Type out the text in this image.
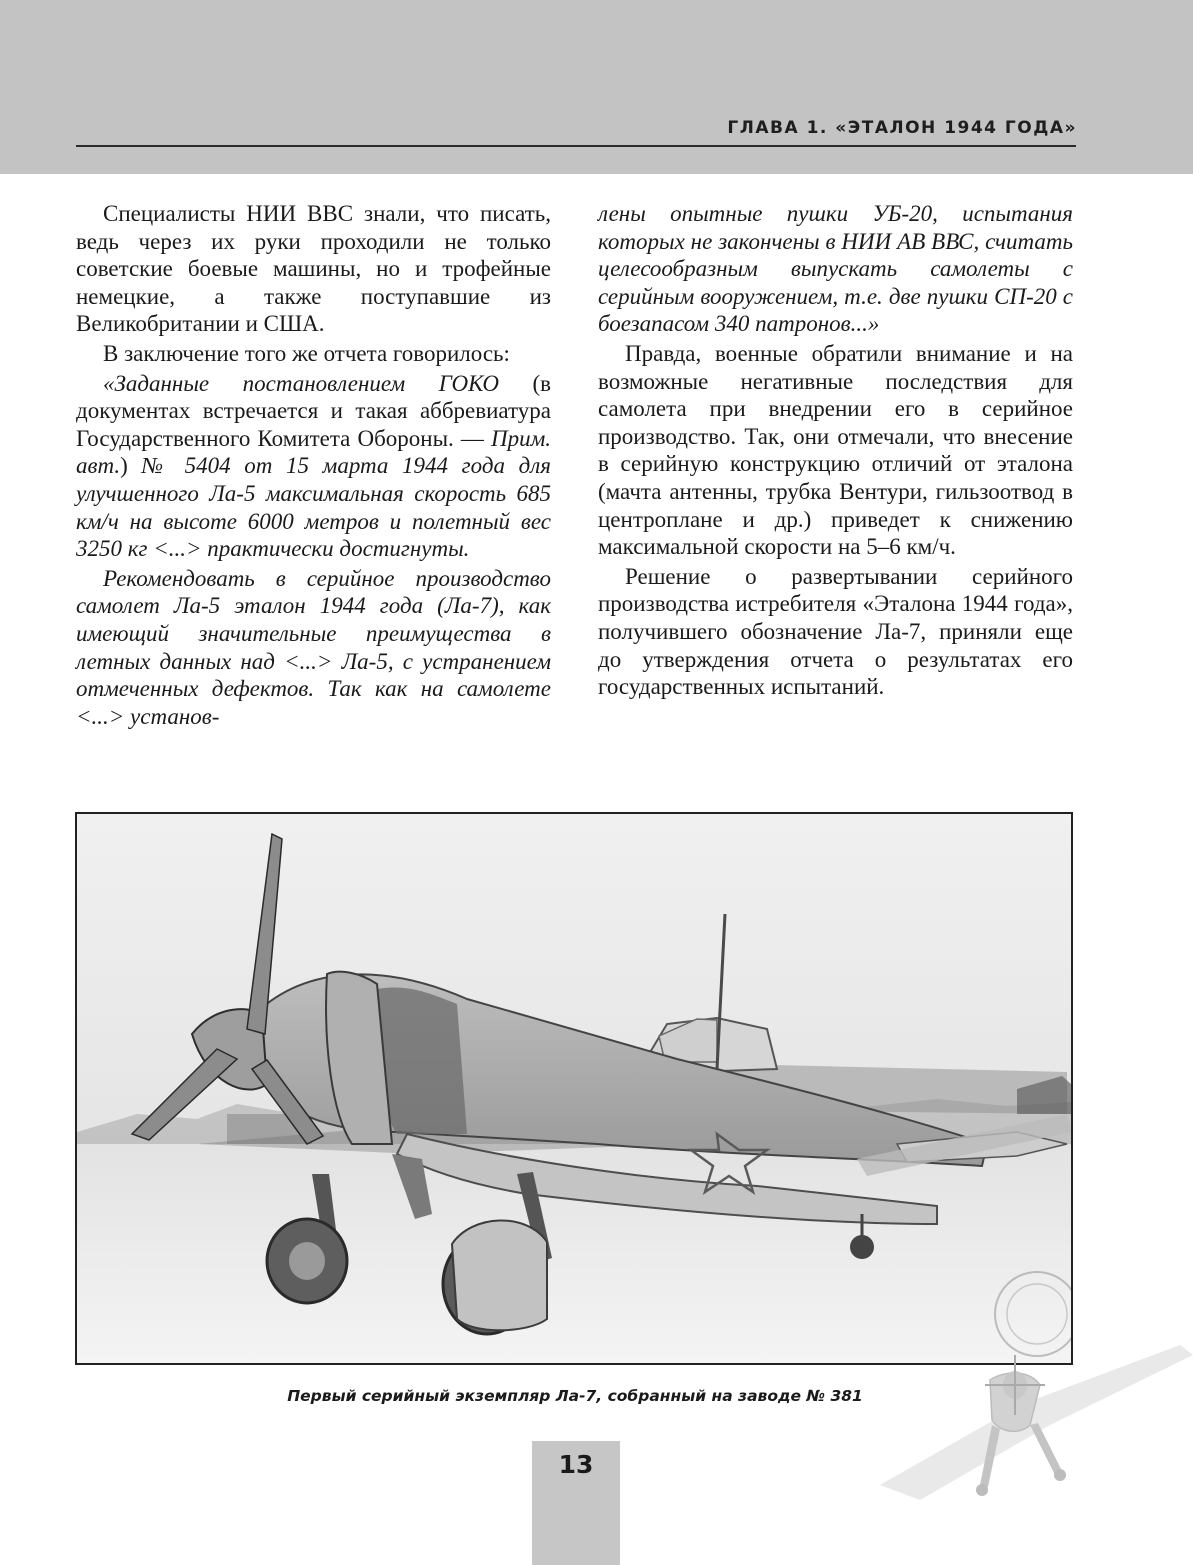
ГЛАВА 1. «ЭТАЛОН 1944 ГОДА»

Специалисты НИИ ВВС знали, что писать, ведь через их руки проходили не только советские боевые машины, но и трофейные немецкие, а также поступавшие из Великобритании и США.

В заключение того же отчета говорилось:

«Заданные постановлением ГОКО (в документах встречается и такая аббревиатура Государственного Комитета Обороны. — Прим. авт.) № 5404 от 15 марта 1944 года для улучшенного Ла-5 максимальная скорость 685 км/ч на высоте 6000 метров и полетный вес 3250 кг <...> практически достигнуты.

Рекомендовать в серийное производство самолет Ла-5 эталон 1944 года (Ла-7), как имеющий значительные преимущества в летных данных над <...> Ла-5, с устранением отмеченных дефектов. Так как на самолете <...> установ-

лены опытные пушки УБ-20, испытания которых не закончены в НИИ АВ ВВС, считать целесообразным выпускать самолеты с серийным вооружением, т.е. две пушки СП-20 с боезапасом 340 патронов...»

Правда, военные обратили внимание и на возможные негативные последствия для самолета при внедрении его в серийное производство. Так, они отмечали, что внесение в серийную конструкцию отличий от эталона (мачта антенны, трубка Вентури, гильзоотвод в центроплане и др.) приведет к снижению максимальной скорости на 5–6 км/ч.

Решение о развертывании серийного производства истребителя «Эталона 1944 года», получившего обозначение Ла-7, приняли еще до утверждения отчета о результатах его государственных испытаний.

Первый серийный экземпляр Ла-7, собранный на заводе № 381
13
